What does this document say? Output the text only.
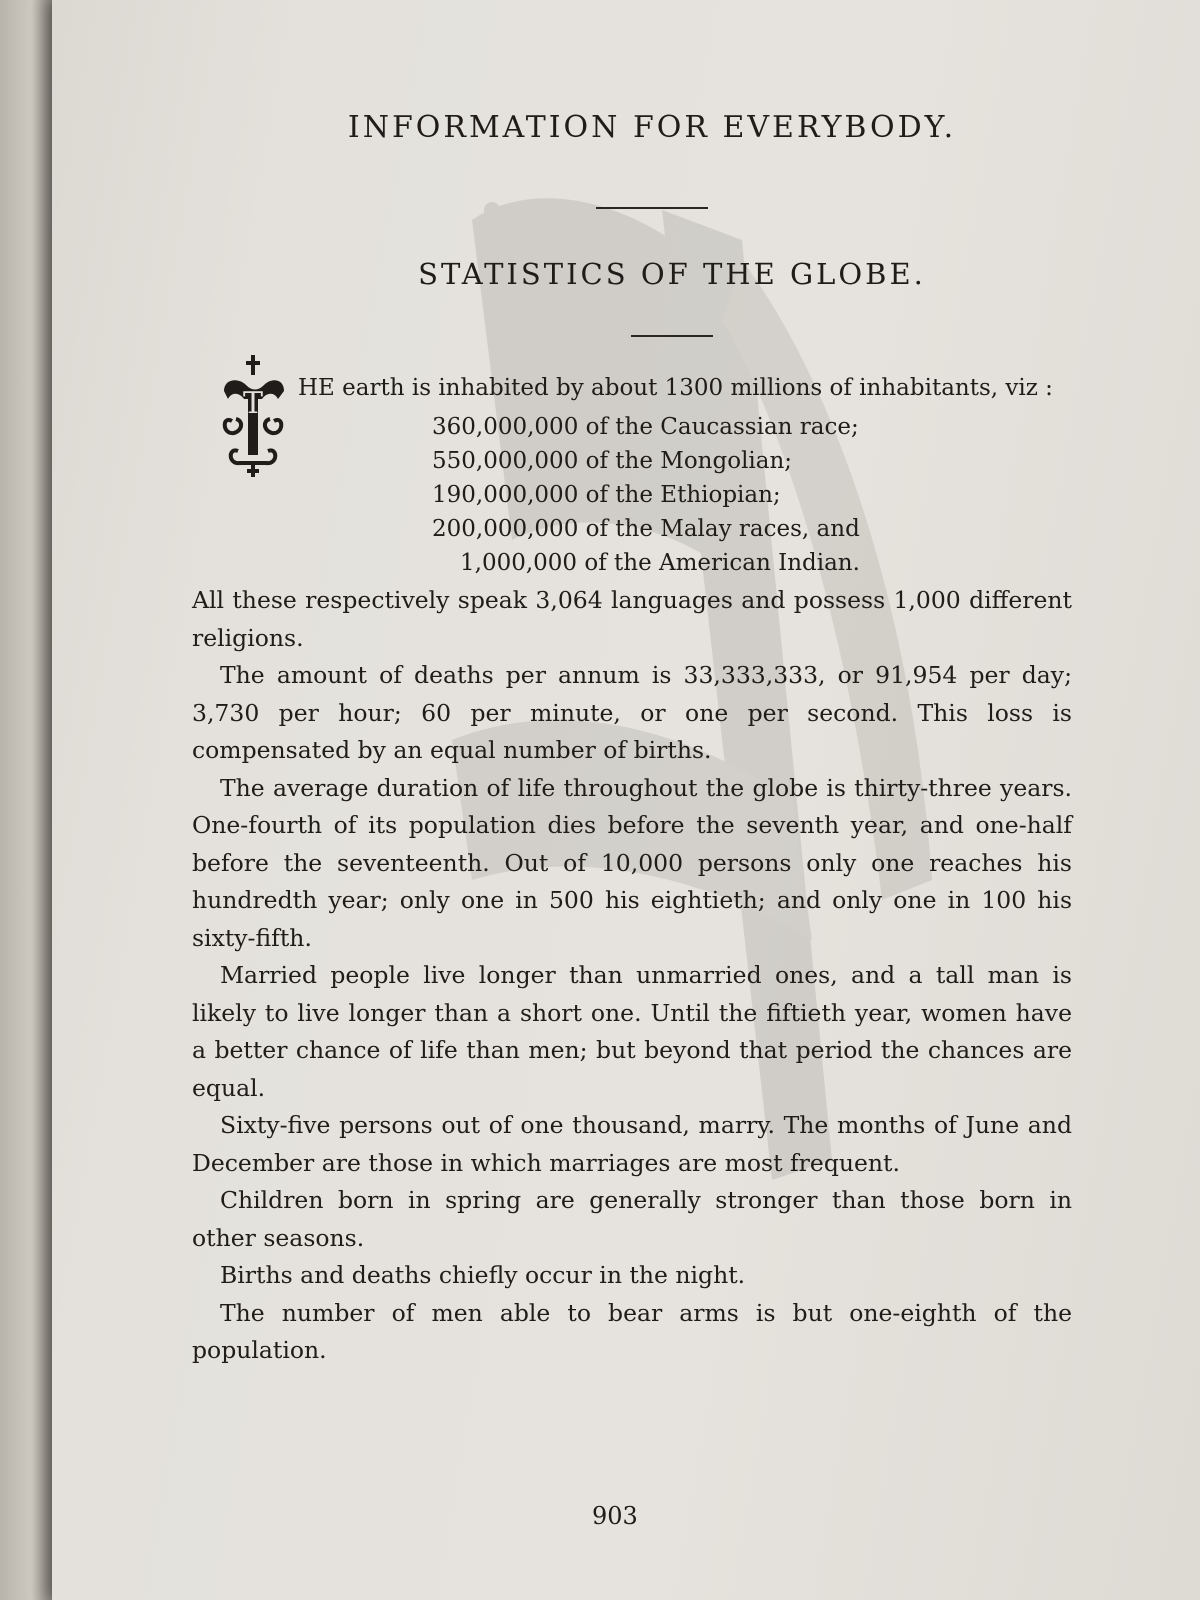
INFORMATION FOR EVERYBODY.
STATISTICS OF THE GLOBE.
T HE earth is inhabited by about 1300 millions of inhabitants, viz :

360,000,000 of the Caucassian race;
550,000,000 of the Mongolian;
190,000,000 of the Ethiopian;
200,000,000 of the Malay races, and
1,000,000 of the American Indian.

All these respectively speak 3,064 languages and possess 1,000 different religions.

The amount of deaths per annum is 33,333,333, or 91,954 per day; 3,730 per hour; 60 per minute, or one per second. This loss is compensated by an equal number of births.

The average duration of life throughout the globe is thirty-three years. One-fourth of its population dies before the seventh year, and one-half before the seventeenth. Out of 10,000 persons only one reaches his hundredth year; only one in 500 his eightieth; and only one in 100 his sixty-fifth.

Married people live longer than unmarried ones, and a tall man is likely to live longer than a short one. Until the fiftieth year, women have a better chance of life than men; but beyond that period the chances are equal.

Sixty-five persons out of one thousand, marry. The months of June and December are those in which marriages are most frequent.

Children born in spring are generally stronger than those born in other seasons.

Births and deaths chiefly occur in the night.

The number of men able to bear arms is but one-eighth of the population.

903
